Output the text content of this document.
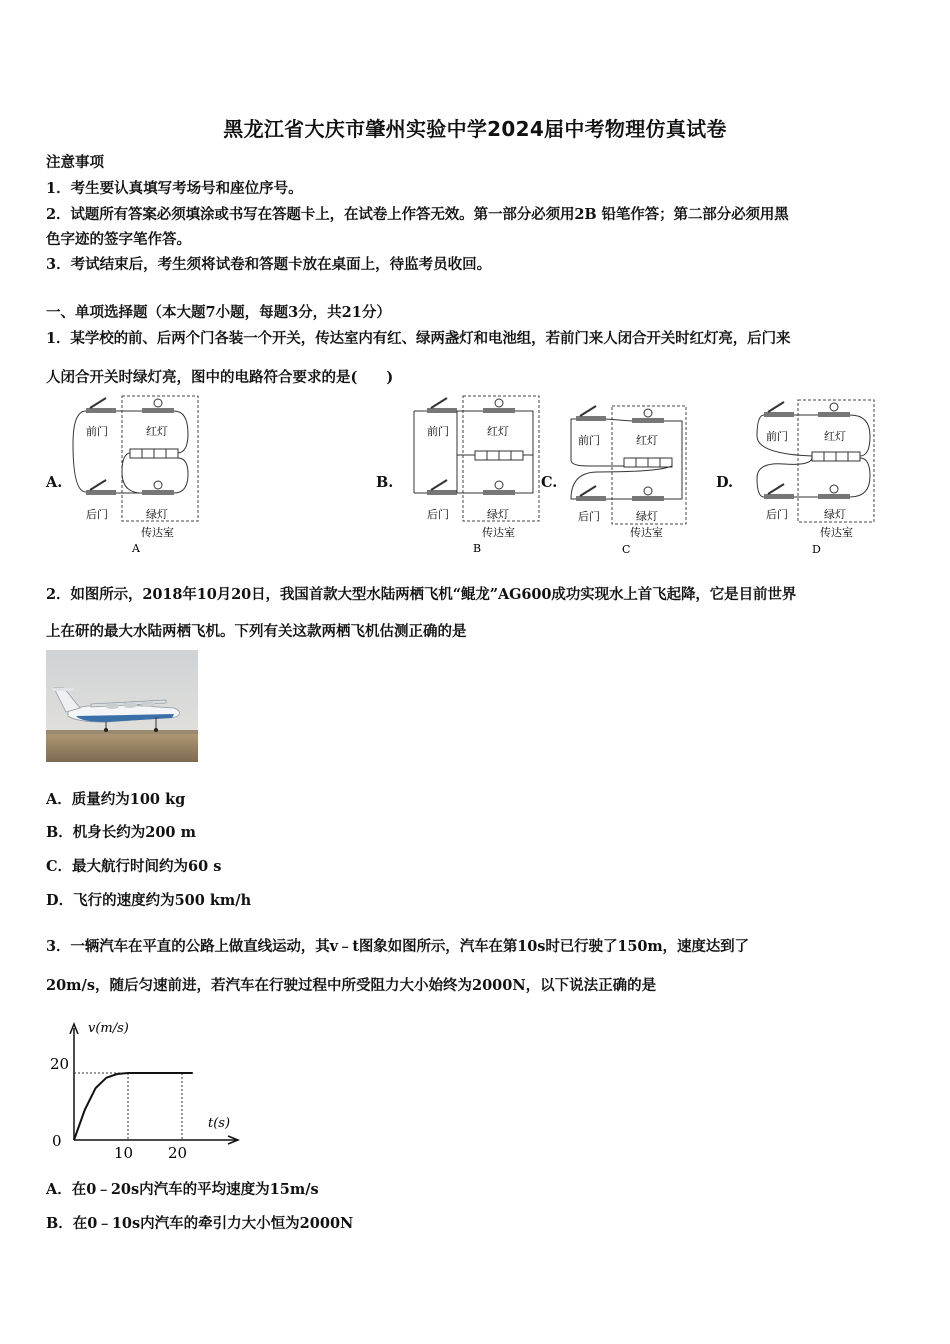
黑龙江省大庆市肇州实验中学2024届中考物理仿真试卷
注意事项
1．考生要认真填写考场号和座位序号。
2．试题所有答案必须填涂或书写在答题卡上，在试卷上作答无效。第一部分必须用2B 铅笔作答；第二部分必须用黑
色字迹的签字笔作答。
3．考试结束后，考生须将试卷和答题卡放在桌面上，待监考员收回。
一、单项选择题（本大题7小题，每题3分，共21分）
1．某学校的前、后两个门各装一个开关，传达室内有红、绿两盏灯和电池组，若前门来人闭合开关时红灯亮，后门来
人闭合开关时绿灯亮，图中的电路符合要求的是(　　)
A.	B.	C.	D.
前门	红灯
后门	绿灯
传达室
A
前门	红灯
后门	绿灯
传达室
B
前门	红灯
后门	绿灯
传达室
C
前门	红灯
后门	绿灯
传达室
D
2．如图所示，2018年10月20日，我国首款大型水陆两栖飞机“鲲龙”AG600成功实现水上首飞起降，它是目前世界
上在研的最大水陆两栖飞机。下列有关这款两栖飞机估测正确的是
A．质量约为100 kg
B．机身长约为200 m
C．最大航行时间约为60 s
D．飞行的速度约为500 km/h
3．一辆汽车在平直的公路上做直线运动，其v﹣t图象如图所示，汽车在第10s时已行驶了150m，速度达到了
20m/s，随后匀速前进，若汽车在行驶过程中所受阻力大小始终为2000N，以下说法正确的是
v(m/s)
t(s)
20
0
10 20
A．在0﹣20s内汽车的平均速度为15m/s
B．在0﹣10s内汽车的牵引力大小恒为2000N
